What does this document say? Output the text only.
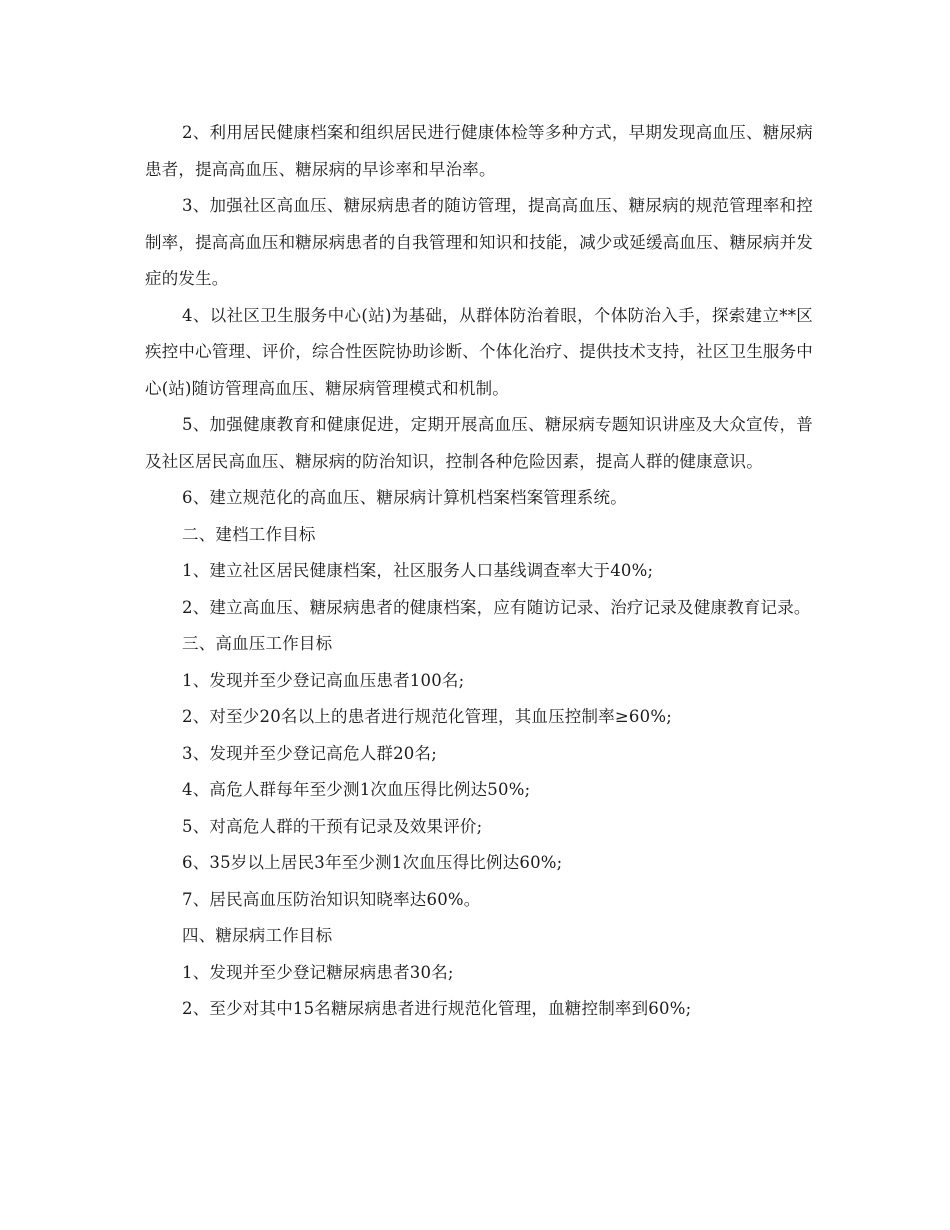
2、利用居民健康档案和组织居民进行健康体检等多种方式，早期发现高血压、糖尿病患者，提高高血压、糖尿病的早诊率和早治率。

3、加强社区高血压、糖尿病患者的随访管理，提高高血压、糖尿病的规范管理率和控制率，提高高血压和糖尿病患者的自我管理和知识和技能，减少或延缓高血压、糖尿病并发症的发生。

4、以社区卫生服务中心(站)为基础，从群体防治着眼，个体防治入手，探索建立**区疾控中心管理、评价，综合性医院协助诊断、个体化治疗、提供技术支持，社区卫生服务中心(站)随访管理高血压、糖尿病管理模式和机制。

5、加强健康教育和健康促进，定期开展高血压、糖尿病专题知识讲座及大众宣传，普及社区居民高血压、糖尿病的防治知识，控制各种危险因素，提高人群的健康意识。

6、建立规范化的高血压、糖尿病计算机档案档案管理系统。

二、建档工作目标

1、建立社区居民健康档案，社区服务人口基线调查率大于40%;

2、建立高血压、糖尿病患者的健康档案，应有随访记录、治疗记录及健康教育记录。

三、高血压工作目标

1、发现并至少登记高血压患者100名;

2、对至少20名以上的患者进行规范化管理，其血压控制率≥60%;

3、发现并至少登记高危人群20名;

4、高危人群每年至少测1次血压得比例达50%;

5、对高危人群的干预有记录及效果评价;

6、35岁以上居民3年至少测1次血压得比例达60%;

7、居民高血压防治知识知晓率达60%。

四、糖尿病工作目标

1、发现并至少登记糖尿病患者30名;

2、至少对其中15名糖尿病患者进行规范化管理，血糖控制率到60%;
